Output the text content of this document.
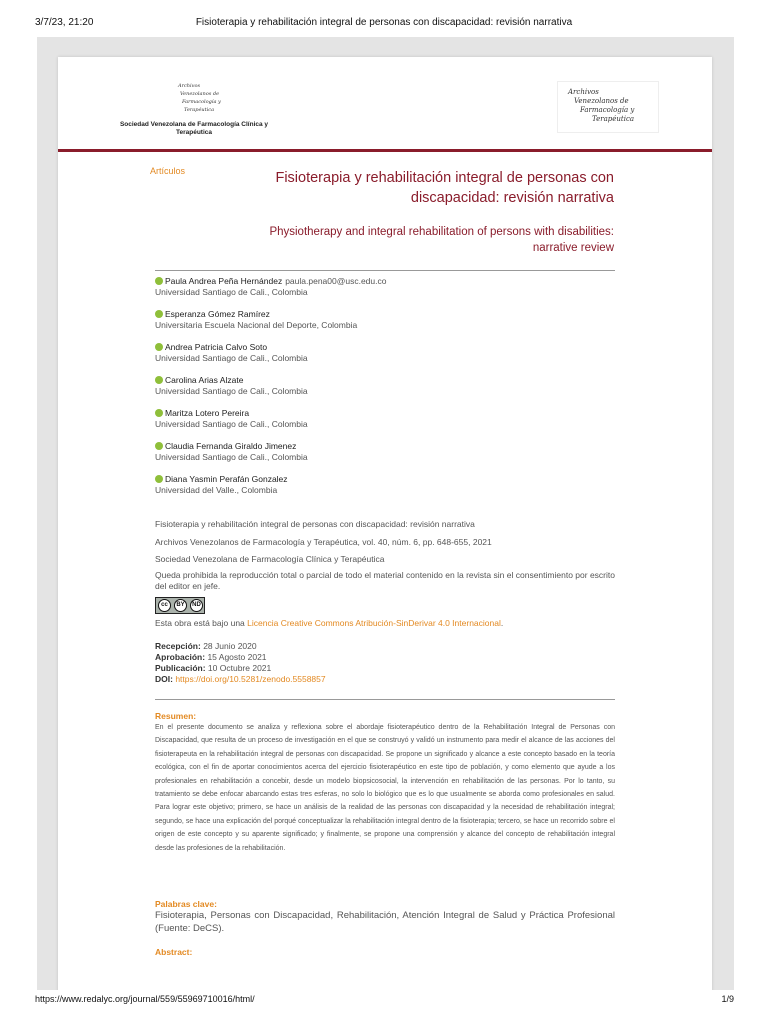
3/7/23, 21:20	Fisioterapia y rehabilitación integral de personas con discapacidad: revisión narrativa
Archivos
Venezolanos de
Farmacología y
Terapéutica
Sociedad Venezolana de Farmacología Clínica y Terapéutica
Archivos
Venezolanos de
Farmacología y
Terapéutica
Artículos	Fisioterapia y rehabilitación integral de personas con discapacidad: revisión narrativa
Physiotherapy and integral rehabilitation of persons with disabilities: narrative review
Paula Andrea Peña Hernández paula.pena00@usc.edu.co
Universidad Santiago de Cali., Colombia
Esperanza Gómez Ramírez
Universitaria Escuela Nacional del Deporte, Colombia
Andrea Patricia Calvo Soto
Universidad Santiago de Cali., Colombia
Carolina Arias Alzate
Universidad Santiago de Cali., Colombia
Maritza Lotero Pereira
Universidad Santiago de Cali., Colombia
Claudia Fernanda Giraldo Jimenez
Universidad Santiago de Cali., Colombia
Diana Yasmin Perafán Gonzalez
Universidad del Valle., Colombia
Fisioterapia y rehabilitación integral de personas con discapacidad: revisión narrativa
Archivos Venezolanos de Farmacología y Terapéutica, vol. 40, núm. 6, pp. 648-655, 2021
Sociedad Venezolana de Farmacología Clínica y Terapéutica
Queda prohibida la reproducción total o parcial de todo el material contenido en la revista sin el consentimiento por escrito del editor en jefe.
cc	BY	ND
Esta obra está bajo una Licencia Creative Commons Atribución-SinDerivar 4.0 Internacional.
Recepción: 28 Junio 2020
Aprobación: 15 Agosto 2021
Publicación: 10 Octubre 2021
DOI: https://doi.org/10.5281/zenodo.5558857
Resumen:

En el presente documento se analiza y reflexiona sobre el abordaje fisioterapéutico dentro de la Rehabilitación Integral de Personas con Discapacidad, que resulta de un proceso de investigación en el que se construyó y validó un instrumento para medir el alcance de las acciones del fisioterapeuta en la rehabilitación integral de personas con discapacidad. Se propone un significado y alcance a este concepto basado en la teoría ecológica, con el fin de aportar conocimientos acerca del ejercicio fisioterapéutico en este tipo de población, y como elemento que ayude a los profesionales en rehabilitación a concebir, desde un modelo biopsicosocial, la intervención en rehabilitación de las personas. Por lo tanto, su tratamiento se debe enfocar abarcando estas tres esferas, no solo lo biológico que es lo que usualmente se aborda como profesionales en salud. Para lograr este objetivo; primero, se hace un análisis de la realidad de las personas con discapacidad y la necesidad de rehabilitación integral; segundo, se hace una explicación del porqué conceptualizar la rehabilitación integral dentro de la fisioterapia; tercero, se hace un recorrido sobre el origen de este concepto y su aparente significado; y finalmente, se propone una comprensión y alcance del concepto de rehabilitación integral desde las profesiones de la rehabilitación.

Palabras clave:

Fisioterapia, Personas con Discapacidad, Rehabilitación, Atención Integral de Salud y Práctica Profesional (Fuente: DeCS).

Abstract:
https://www.redalyc.org/journal/559/55969710016/html/	1/9
